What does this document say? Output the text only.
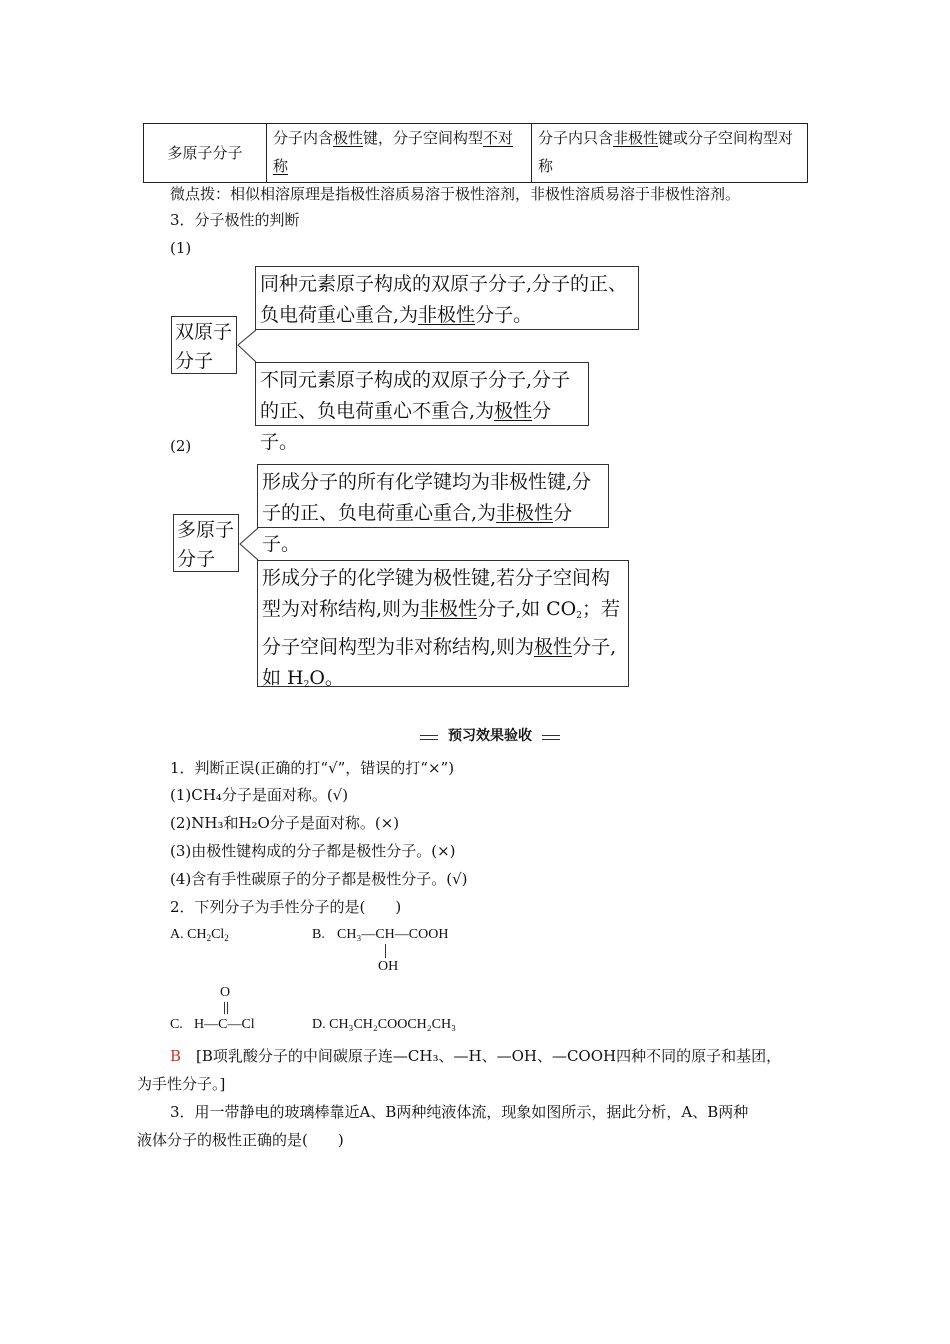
多原子分子	分子内含极性键，分子空间构型不对称	分子内只含非极性键或分子空间构型对称
微点拨：相似相溶原理是指极性溶质易溶于极性溶剂，非极性溶质易溶于非极性溶剂。
3．分子极性的判断
(1)
双原子
分子
同种元素原子构成的双原子分子,分子的正、负电荷重心重合,为非极性分子。
不同元素原子构成的双原子分子,分子的正、负电荷重心不重合,为极性分子。
(2)
多原子
分子
形成分子的所有化学键均为非极性键,分子的正、负电荷重心重合,为非极性分子。
形成分子的化学键为极性键,若分子空间构型为对称结构,则为非极性分子,如 $CO_2$；若分子空间构型为非对称结构,则为极性分子,如 $H_2O$。
预习效果验收
1．判断正误(正确的打“√”，错误的打“×”)
(1)CH₄分子是面对称。(√)
(2)NH₃和H₂O分子是面对称。(×)
(3)由极性键构成的分子都是极性分子。(×)
(4)含有手性碳原子的分子都是极性分子。(√)
2．下列分子为手性分子的是(　　)
A. $CH_2Cl_2$	B. CH₃—CH—COOH
OH
O
C. H—C—Cl	D. CH₃CH₂COOCH₂CH₃
B　 [B项乳酸分子的中间碳原子连—CH₃、—H、—OH、—COOH四种不同的原子和基团，
为手性分子。]
3．用一带静电的玻璃棒靠近A、B两种纯液体流，现象如图所示，据此分析，A、B两种
液体分子的极性正确的是(　　)
